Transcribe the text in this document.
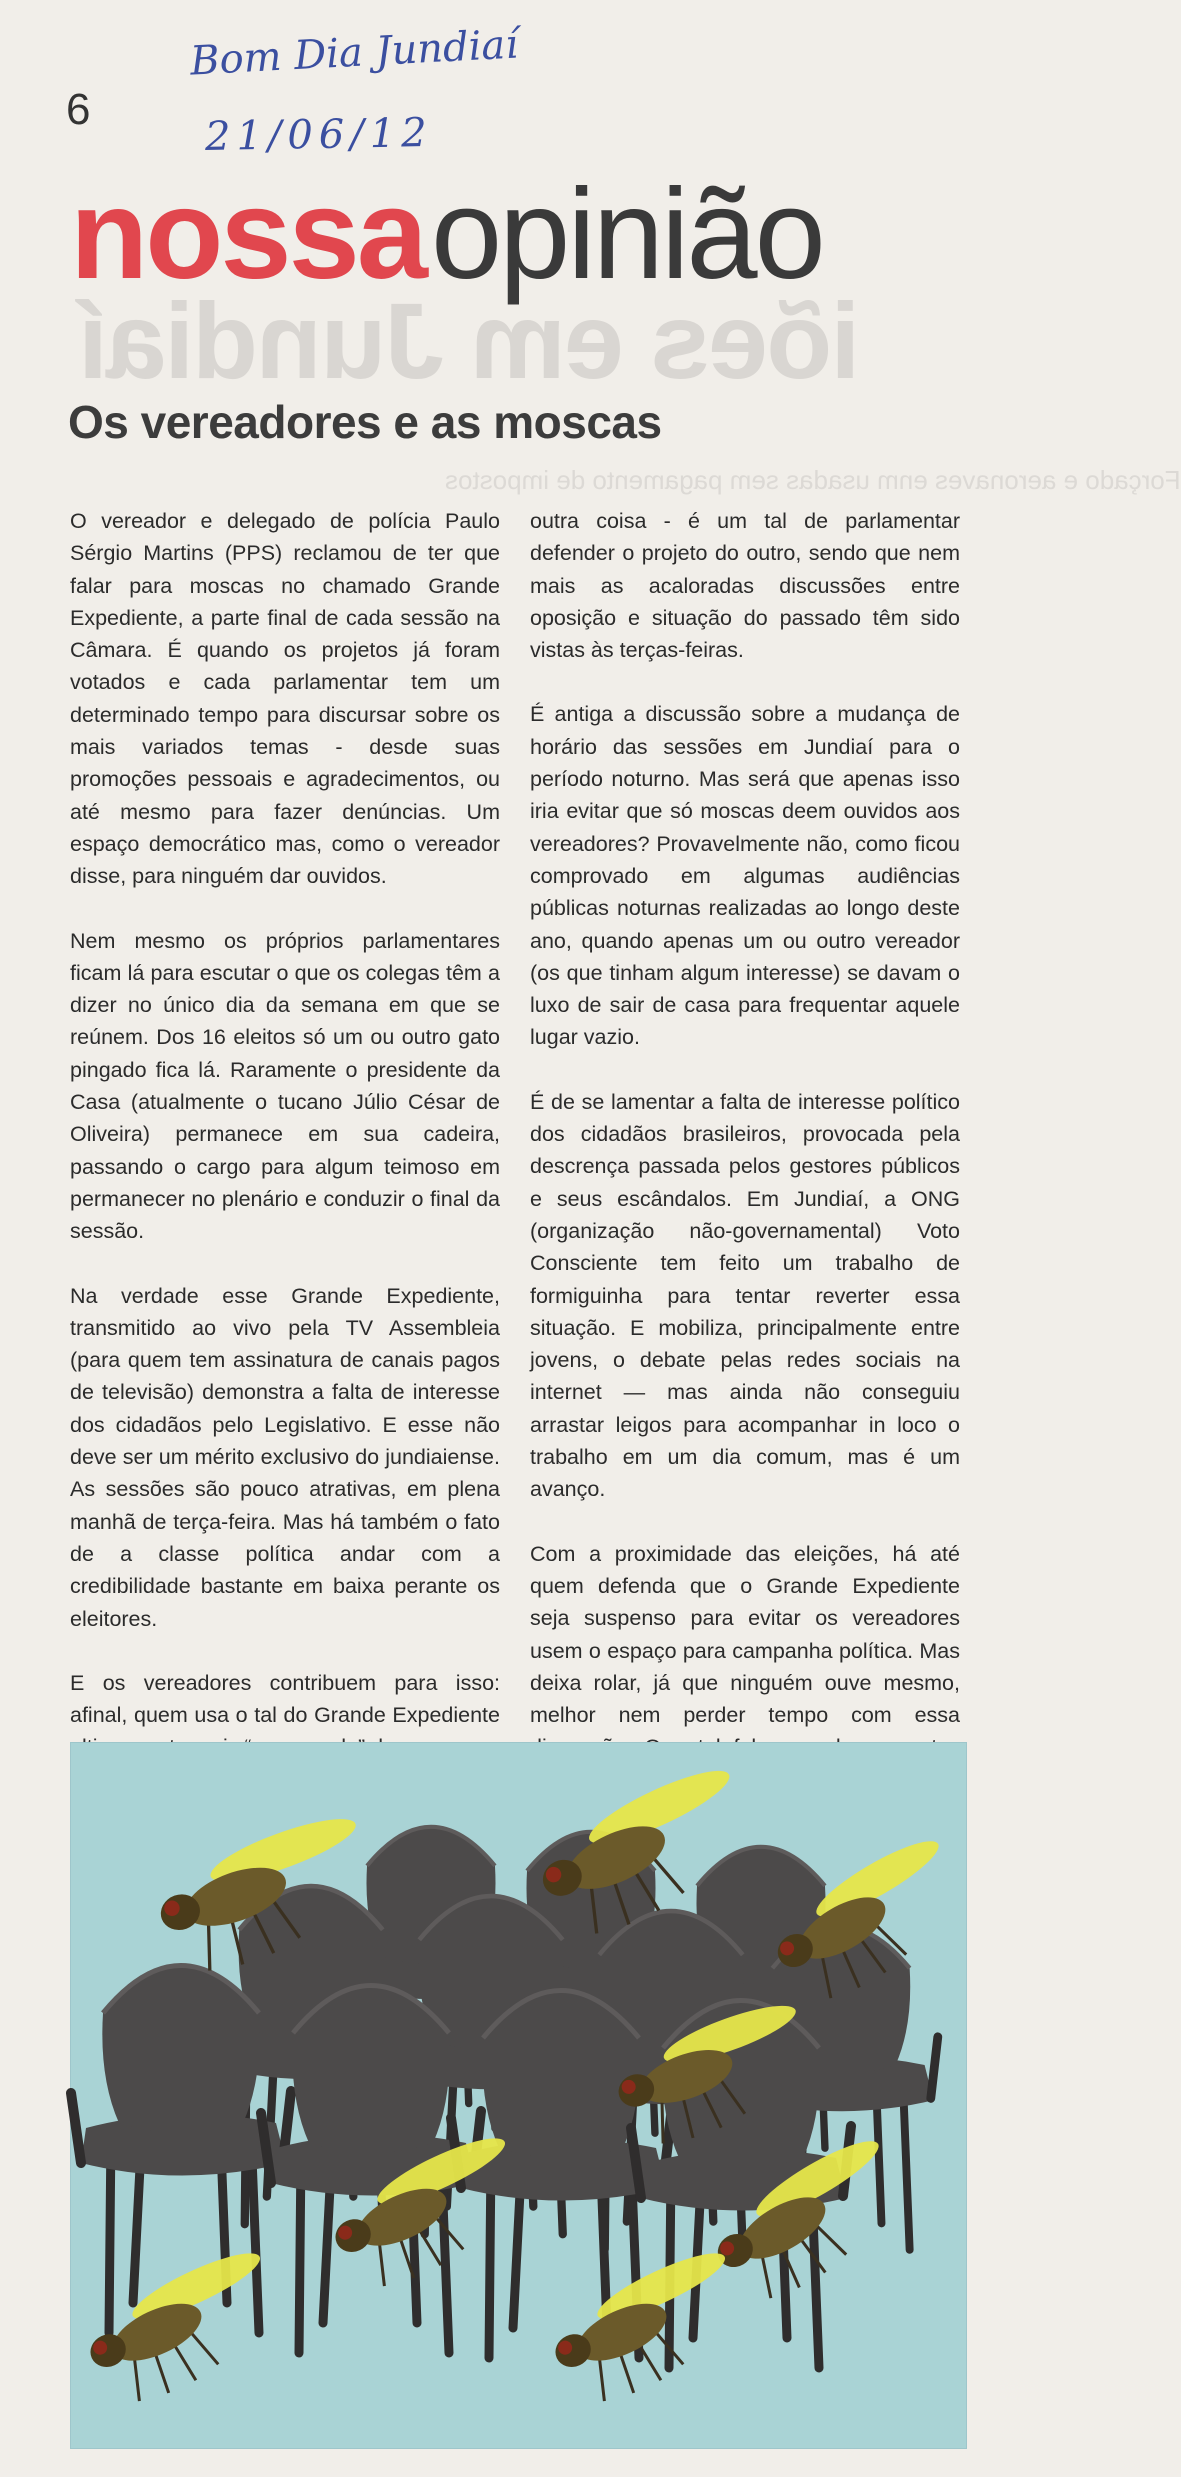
Bom Dia Jundiaí
21/06/12
6
iões em Jundiaí
Forçado e aeronaves enm usadas sem pagamento de impostos
nossaopinião
Os vereadores e as moscas

O vereador e delegado de polícia Paulo Sérgio Martins (PPS) reclamou de ter que falar para moscas no chamado Grande Expediente, a parte final de cada sessão na Câmara. É quando os projetos já foram votados e cada parlamentar tem um determinado tempo para discursar sobre os mais variados temas - desde suas promoções pessoais e agradecimentos, ou até mesmo para fazer denúncias. Um espaço democrático mas, como o vereador disse, para ninguém dar ouvidos.

Nem mesmo os próprios parlamentares ficam lá para escutar o que os colegas têm a dizer no único dia da semana em que se reúnem. Dos 16 eleitos só um ou outro gato pingado fica lá. Raramente o presidente da Casa (atualmente o tucano Júlio César de Oliveira) permanece em sua cadeira, passando o cargo para algum teimoso em permanecer no plenário e conduzir o final da sessão.

Na verdade esse Grande Expediente, transmitido ao vivo pela TV Assembleia (para quem tem assinatura de canais pagos de televisão) demonstra a falta de interesse dos cidadãos pelo Legislativo. E esse não deve ser um mérito exclusivo do jundiaiense. As sessões são pouco atrativas, em plena manhã de terça-feira. Mas há também o fato de a classe política andar com a credibilidade bastante em baixa perante os eleitores.

E os vereadores contribuem para isso: afinal, quem usa o tal do Grande Expediente

outra coisa - é um tal de parlamentar defender o projeto do outro, sendo que nem mais as acaloradas discussões entre oposição e situação do passado têm sido vistas às terças-feiras.

É antiga a discussão sobre a mudança de horário das sessões em Jundiaí para o período noturno. Mas será que apenas isso iria evitar que só moscas deem ouvidos aos vereadores? Provavelmente não, como ficou comprovado em algumas audiências públicas noturnas realizadas ao longo deste ano, quando apenas um ou outro vereador (os que tinham algum interesse) se davam o luxo de sair de casa para frequentar aquele lugar vazio.

É de se lamentar a falta de interesse político dos cidadãos brasileiros, provocada pela descrença passada pelos gestores públicos e seus escândalos. Em Jundiaí, a ONG (organização não-governamental) Voto Consciente tem feito um trabalho de formiguinha para tentar reverter essa situação. E mobiliza, principalmente entre jovens, o debate pelas redes sociais na internet — mas ainda não conseguiu arrastar leigos para acompanhar in loco o trabalho em um dia comum, mas é um avanço.

Com a proximidade das eleições, há até quem defenda que o Grande Expediente seja suspenso para evitar os vereadores usem o espaço para campanha política. Mas deixa rolar, já que ninguém ouve mesmo, melhor nem perder tempo com essa
